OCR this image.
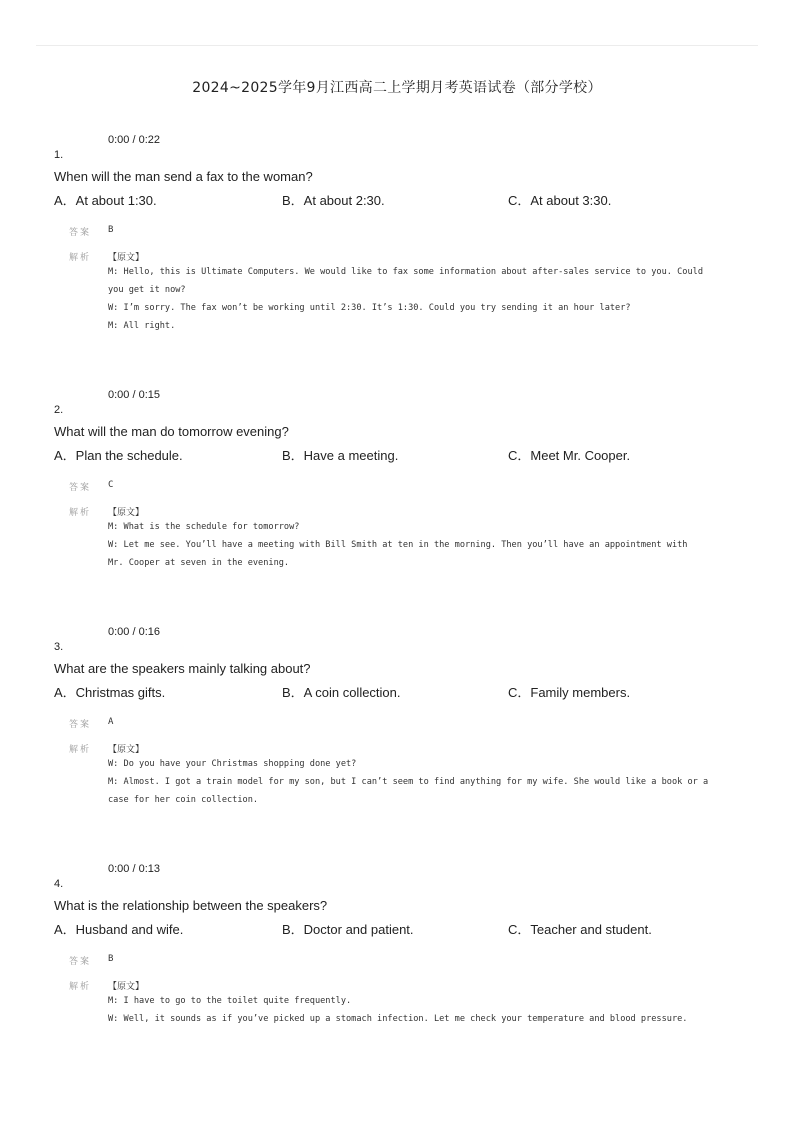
2024~2025学年9月江西高二上学期月考英语试卷（部分学校）
0:00 / 0:22
1.
When will the man send a fax to the woman?
A．At about 1:30.	B．At about 2:30.	C．At about 3:30.
答案 B
解析 【原文】
M: Hello, this is Ultimate Computers. We would like to fax some information about after-sales service to you. Could
you get it now?
W: I’m sorry. The fax won’t be working until 2:30. It’s 1:30. Could you try sending it an hour later?
M: All right.
0:00 / 0:15
2.
What will the man do tomorrow evening?
A．Plan the schedule.	B．Have a meeting.	C．Meet Mr. Cooper.
答案 C
解析 【原文】
M: What is the schedule for tomorrow?
W: Let me see. You’ll have a meeting with Bill Smith at ten in the morning. Then you’ll have an appointment with
Mr. Cooper at seven in the evening.
0:00 / 0:16
3.
What are the speakers mainly talking about?
A．Christmas gifts.	B．A coin collection.	C．Family members.
答案 A
解析 【原文】
W: Do you have your Christmas shopping done yet?
M: Almost. I got a train model for my son, but I can’t seem to find anything for my wife. She would like a book or a
case for her coin collection.
0:00 / 0:13
4.
What is the relationship between the speakers?
A．Husband and wife.	B．Doctor and patient.	C．Teacher and student.
答案 B
解析 【原文】
M: I have to go to the toilet quite frequently.
W: Well, it sounds as if you’ve picked up a stomach infection. Let me check your temperature and blood pressure.
